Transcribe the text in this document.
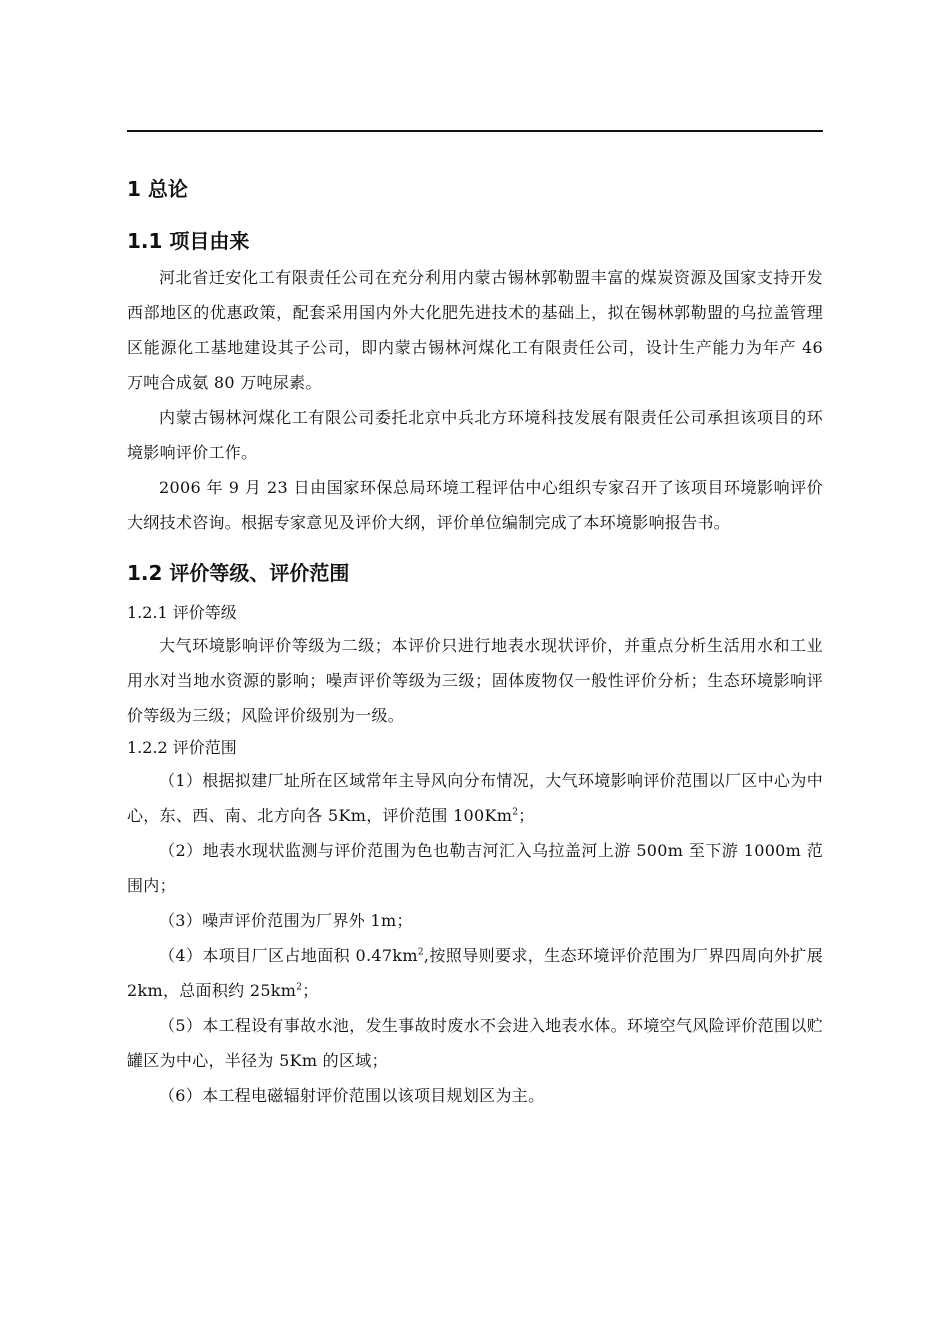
1 总论
1.1 项目由来

河北省迁安化工有限责任公司在充分利用内蒙古锡林郭勒盟丰富的煤炭资源及国家支持开发西部地区的优惠政策，配套采用国内外大化肥先进技术的基础上，拟在锡林郭勒盟的乌拉盖管理区能源化工基地建设其子公司，即内蒙古锡林河煤化工有限责任公司，设计生产能力为年产 46 万吨合成氨 80 万吨尿素。

内蒙古锡林河煤化工有限公司委托北京中兵北方环境科技发展有限责任公司承担该项目的环境影响评价工作。

2006 年 9 月 23 日由国家环保总局环境工程评估中心组织专家召开了该项目环境影响评价大纲技术咨询。根据专家意见及评价大纲，评价单位编制完成了本环境影响报告书。

1.2 评价等级、评价范围
1.2.1 评价等级

大气环境影响评价等级为二级；本评价只进行地表水现状评价，并重点分析生活用水和工业用水对当地水资源的影响；噪声评价等级为三级；固体废物仅一般性评价分析；生态环境影响评价等级为三级；风险评价级别为一级。

1.2.2 评价范围

（1）根据拟建厂址所在区域常年主导风向分布情况，大气环境影响评价范围以厂区中心为中心，东、西、南、北方向各 5Km，评价范围 100Km$^2$；

（2）地表水现状监测与评价范围为色也勒吉河汇入乌拉盖河上游 500m 至下游 1000m 范围内；

（3）噪声评价范围为厂界外 1m；

（4）本项目厂区占地面积 $0.47km^2$,按照导则要求，生态环境评价范围为厂界四周向外扩展 2km，总面积约 $25km^2$；

（5）本工程设有事故水池，发生事故时废水不会进入地表水体。环境空气风险评价范围以贮罐区为中心，半径为 5Km 的区域；

（6）本工程电磁辐射评价范围以该项目规划区为主。
